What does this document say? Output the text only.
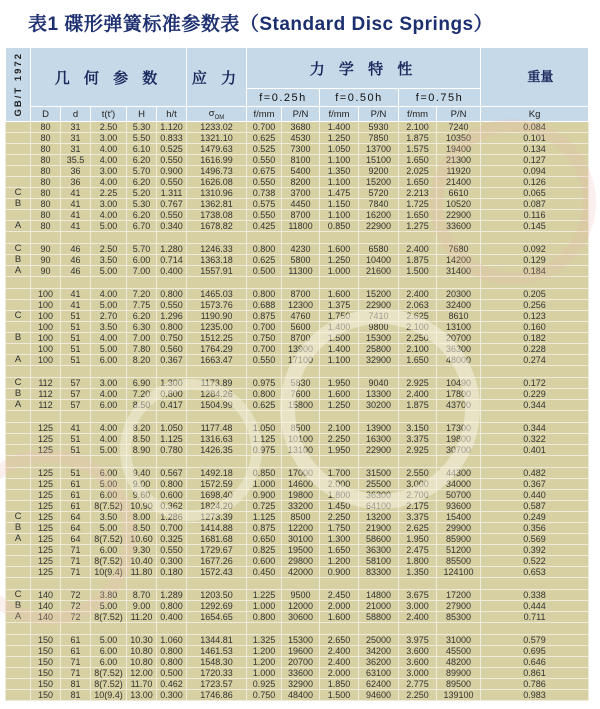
表1 碟形弹簧标准参数表（Standard Disc Springs）
GB/T 1972	几 何 参 数					应 力	力 学 特 性						重量

							f=0.25h		f=0.50h		f=0.75h		
	D	d	t(t′)	H	h/t	$\sigma_{OM}$	f/mm	P/N	f/mm	P/N	f/mm	P/N	Kg
	80	31	2.50	5.30	1.120	1233.02	0.700	3680	1.400	5930	2.100	7240	0.084
	80	31	3.00	5.50	0.833	1321.10	0.625	4530	1.250	7850	1.875	10350	0.101
	80	31	4.00	6.10	0.525	1479.63	0.525	7300	1.050	13700	1.575	19400	0.134
	80	35.5	4.00	6.20	0.550	1616.99	0.550	8100	1.100	15100	1.650	21300	0.127
	80	36	3.00	5.70	0.900	1496.73	0.675	5400	1.350	9200	2.025	11920	0.094
	80	36	4.00	6.20	0.550	1626.08	0.550	8200	1.100	15200	1.650	21400	0.126
C	80	41	2.25	5.20	1.311	1310.96	0.738	3700	1.475	5720	2.213	6610	0.065
B	80	41	3.00	5.30	0.767	1362.81	0.575	4450	1.150	7840	1.725	10520	0.087
	80	41	4.00	6.20	0.550	1738.08	0.550	8700	1.100	16200	1.650	22900	0.116
A	80	41	5.00	6.70	0.340	1678.82	0.425	11800	0.850	22900	1.275	33600	0.145

C	90	46	2.50	5.70	1.280	1246.33	0.800	4230	1.600	6580	2.400	7680	0.092
B	90	46	3.50	6.00	0.714	1363.18	0.625	5800	1.250	10400	1.875	14200	0.129
A	90	46	5.00	7.00	0.400	1557.91	0.500	11300	1.000	21600	1.500	31400	0.184

	100	41	4.00	7.20	0.800	1465.03	0.800	8700	1.600	15200	2.400	20300	0.205
	100	41	5.00	7.75	0.550	1573.76	0.688	12300	1.375	22900	2.063	32400	0.256
C	100	51	2.70	6.20	1.296	1190.90	0.875	4760	1.750	7410	2.625	8610	0.123
	100	51	3.50	6.30	0.800	1235.00	0.700	5600	1.400	9800	2.100	13100	0.160
B	100	51	4.00	7.00	0.750	1512.25	0.750	8700	1.500	15300	2.250	20700	0.182
	100	51	5.00	7.80	0.560	1764.29	0.700	13900	1.400	25800	2.100	36300	0.228
A	100	51	6.00	8.20	0.367	1663.47	0.550	17100	1.100	32900	1.650	48000	0.274

C	112	57	3.00	6.90	1.300	1173.89	0.975	5830	1.950	9040	2.925	10490	0.172
B	112	57	4.00	7.20	0.800	1284.26	0.800	7600	1.600	13300	2.400	17800	0.229
A	112	57	6.00	8.50	0.417	1504.99	0.625	15800	1.250	30200	1.875	43700	0.344

	125	41	4.00	8.20	1.050	1177.48	1.050	8500	2.100	13900	3.150	17300	0.344
	125	51	4.00	8.50	1.125	1316.63	1.125	10100	2.250	16300	3.375	19800	0.322
	125	51	5.00	8.90	0.780	1426.35	0.975	13100	1.950	22900	2.925	30700	0.401

	125	51	6.00	9.40	0.567	1492.18	0.850	17000	1.700	31500	2.550	44300	0.482
	125	61	5.00	9.00	0.800	1572.59	1.000	14600	2.000	25500	3.000	34000	0.367
	125	61	6.00	9.60	0.600	1698.40	0.900	19800	1.800	36300	2.700	50700	0.440
	125	61	8(7.52)	10.90	0.362	1824.20	0.725	33200	1.450	64100	2.175	93600	0.587
C	125	64	3.50	8.00	1.286	1273.39	1.125	8500	2.250	13200	3.375	15400	0.249
B	125	64	5.00	8.50	0.700	1414.88	0.875	12200	1.750	21900	2.625	29900	0.356
A	125	64	8(7.52)	10.60	0.325	1681.68	0.650	30100	1.300	58600	1.950	85900	0.569
	125	71	6.00	9.30	0.550	1729.67	0.825	19500	1.650	36300	2.475	51200	0.392
	125	71	8(7.52)	10.40	0.300	1677.26	0.600	29800	1.200	58100	1.800	85500	0.522
	125	71	10(9.4)	11.80	0.180	1572.43	0.450	42000	0.900	83300	1.350	124100	0.653

C	140	72	3.80	8.70	1.289	1203.50	1.225	9500	2.450	14800	3.675	17200	0.338
B	140	72	5.00	9.00	0.800	1292.69	1.000	12000	2.000	21000	3.000	27900	0.444
A	140	72	8(7.52)	11.20	0.400	1654.65	0.800	30600	1.600	58800	2.400	85300	0.711

	150	61	5.00	10.30	1.060	1344.81	1.325	15300	2.650	25000	3.975	31000	0.579
	150	61	6.00	10.80	0.800	1461.53	1.200	19600	2.400	34200	3.600	45500	0.695
	150	71	6.00	10.80	0.800	1548.30	1.200	20700	2.400	36200	3.600	48200	0.646
	150	71	8(7.52)	12.00	0.500	1720.33	1.000	33600	2.000	63100	3.000	89900	0.861
	150	81	8(7.52)	11.70	0.462	1723.57	0.925	32900	1.850	62400	2.775	89500	0.786
	150	81	10(9.4)	13.00	0.300	1746.86	0.750	48400	1.500	94600	2.250	139100	0.983
